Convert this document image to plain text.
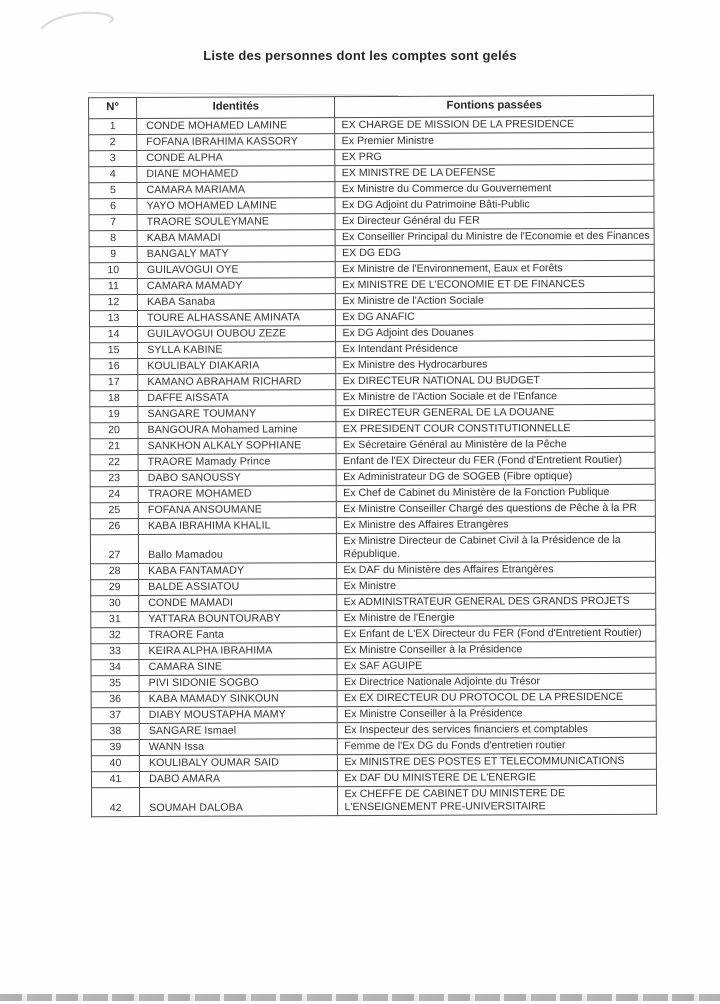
Liste des personnes dont les comptes sont gelés
N°	Identités	Fontions passées
1	CONDE MOHAMED LAMINE	EX CHARGE DE MISSION DE LA PRESIDENCE
2	FOFANA IBRAHIMA KASSORY	Ex Premier Ministre
3	CONDE ALPHA	EX PRG
4	DIANE MOHAMED	EX MINISTRE DE LA DEFENSE
5	CAMARA MARIAMA	Ex Ministre du Commerce du Gouvernement
6	YAYO MOHAMED LAMINE	Ex DG Adjoint du Patrimoine Bâti-Public
7	TRAORE SOULEYMANE	Ex Directeur Général du FER
8	KABA MAMADI	Ex Conseiller Principal du Ministre de l'Economie et des Finances
9	BANGALY MATY	EX DG EDG
10	GUILAVOGUI OYE	Ex Ministre de l'Environnement, Eaux et Forêts
11	CAMARA MAMADY	Ex MINISTRE DE L'ECONOMIE ET DE FINANCES
12	KABA Sanaba	Ex Ministre de l'Action Sociale
13	TOURE ALHASSANE AMINATA	Ex DG ANAFIC
14	GUILAVOGUI OUBOU ZEZE	Ex DG Adjoint des Douanes
15	SYLLA KABINE	Ex Intendant Présidence
16	KOULIBALY DIAKARIA	Ex Ministre des Hydrocarbures
17	KAMANO ABRAHAM RICHARD	Ex DIRECTEUR NATIONAL DU BUDGET
18	DAFFE AISSATA	Ex Ministre de l'Action Sociale et de l'Enfance
19	SANGARE TOUMANY	Ex DIRECTEUR GENERAL DE LA DOUANE
20	BANGOURA Mohamed Lamine	EX PRESIDENT COUR CONSTITUTIONNELLE
21	SANKHON ALKALY SOPHIANE	Ex Sécretaire Général au Ministère de la Pêche
22	TRAORE Mamady Prince	Enfant de l'EX Directeur du FER (Fond d'Entretient Routier)
23	DABO SANOUSSY	Ex Administrateur DG de SOGEB (Fibre optique)
24	TRAORE MOHAMED	Ex Chef de Cabinet du Ministère de la Fonction Publique
25	FOFANA ANSOUMANE	Ex Ministre Conseiller Chargé des questions de Pêche à la PR
26	KABA IBRAHIMA KHALIL	Ex Ministre des Affaires Etrangères
27	Ballo Mamadou	Ex Ministre Directeur de Cabinet Civil à la Présidence de la République.
28	KABA FANTAMADY	Ex DAF du Ministère des Affaires Etrangères
29	BALDE ASSIATOU	Ex Ministre
30	CONDE MAMADI	Ex ADMINISTRATEUR GENERAL DES GRANDS PROJETS
31	YATTARA BOUNTOURABY	Ex Ministre de l'Energie
32	TRAORE Fanta	Ex Enfant de L'EX Directeur du FER (Fond d'Entretient Routier)
33	KEIRA ALPHA IBRAHIMA	Ex Ministre Conseiller à la Présidence
34	CAMARA SINE	Ex SAF AGUIPE
35	PIVI SIDONIE SOGBO	Ex Directrice Nationale Adjointe du Trésor
36	KABA MAMADY SINKOUN	Ex EX DIRECTEUR DU PROTOCOL DE LA PRESIDENCE
37	DIABY MOUSTAPHA MAMY	Ex Ministre Conseiller à la Présidence
38	SANGARE Ismael	Ex Inspecteur des services financiers et comptables
39	WANN Issa	Femme de l'Ex DG du Fonds d'entretien routier
40	KOULIBALY OUMAR SAID	Ex MINISTRE DES POSTES ET TELECOMMUNICATIONS
41	DABO AMARA	Ex DAF DU MINISTERE DE L'ENERGIE
42	SOUMAH DALOBA	Ex CHEFFE DE CABINET DU MINISTERE DE L'ENSEIGNEMENT PRE-UNIVERSITAIRE
